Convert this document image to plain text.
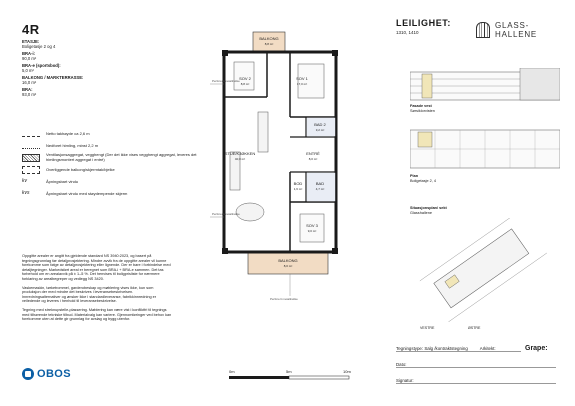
4R
ETASJE:
Boligetasje 2 og 4
BRA-i:
90,0 m²
BRA-e (sportsbod):
5,0 m²
BALKONG / MARKTERRASSE:
16,0 m²
BRA:
93,0 m²
Netto takhøyde ca 2,6 m
Nedforet himling, minst 2,2 m
Ventilasjonsaggregat, vegghengt (Der det ikke vises vegghengt aggregat, leveres det himlingsmontert aggregat i entré)
Overliggende balkong/skjermtak/bjelke
kv	Åpningsbart vindu
kvs	Åpningsbart vindu med støydempende skjerm

Oppgitte arealer er angitt fra gjeldende standard NS 3940:2023, og basert på tegningsgrunnlag før detaljprosjektering. Mindre avvik fra de oppgitte arealer vil kunne forekomme som følge av detaljprosjektering eller lignende. Der er bare i forbindelse med detaljtegninger. Markedsført areal er beregnet som BRA-i + BRA-e sammen. Det tas forbehold om en arealavvik på ± 1–5 %. Det henvises til boligprisliste for nærmere forklaring av arealbegreper og vedlegg NS 3420.

Vaskemaskin, tørketrommel, garderobeskap og møblering vises ikke, kun som produksjon der med mindre det beskrives i leveransebeskrivelsen. Innredningsalternativer og ønsker ikke i standardleveranse, fabrikkinnredning er veiledende og leveres i henhold til leveransebeskrivelse.

Tegning med streknupstelle-plassering. Møblering kan være vist i konfliktfri til tegnings med tilhørende tekniske tilbud. Materialvalg kan variere. Gjennomføringer ved behov kan forekomme uten at dette gir grunnlag for avslag og bygg utenfor.

OBOS
BALKONG
8,8 m²
SOV 2
8,8 m²
SOV 1
17,0 m²
BAD 2
3,2 m²
STUE/KJØKKEN
40,0 m²
ENTRÉ
8,0 m²
BOD
1,6 m²
BAD
4,7 m²
SOV 3
9,0 m²
BALKONG
8,0 m²
Perforert metallrekke
Perforert metallrekke
Perforert metallrekke
0m	5m	10m
LEILIGHET:
1310, 1410
GLASS-
HALLENE
Fasade vest
Sørsiklorvisten
Plan
Boligetasje 2, 4
Situasjonsplan/ sekt
Glasshallene
VESTRE	ØSTRE
Tegningstype: Salg /kontraktstegning	Arkitekt:	Grape:
Dato:
Signatur:
